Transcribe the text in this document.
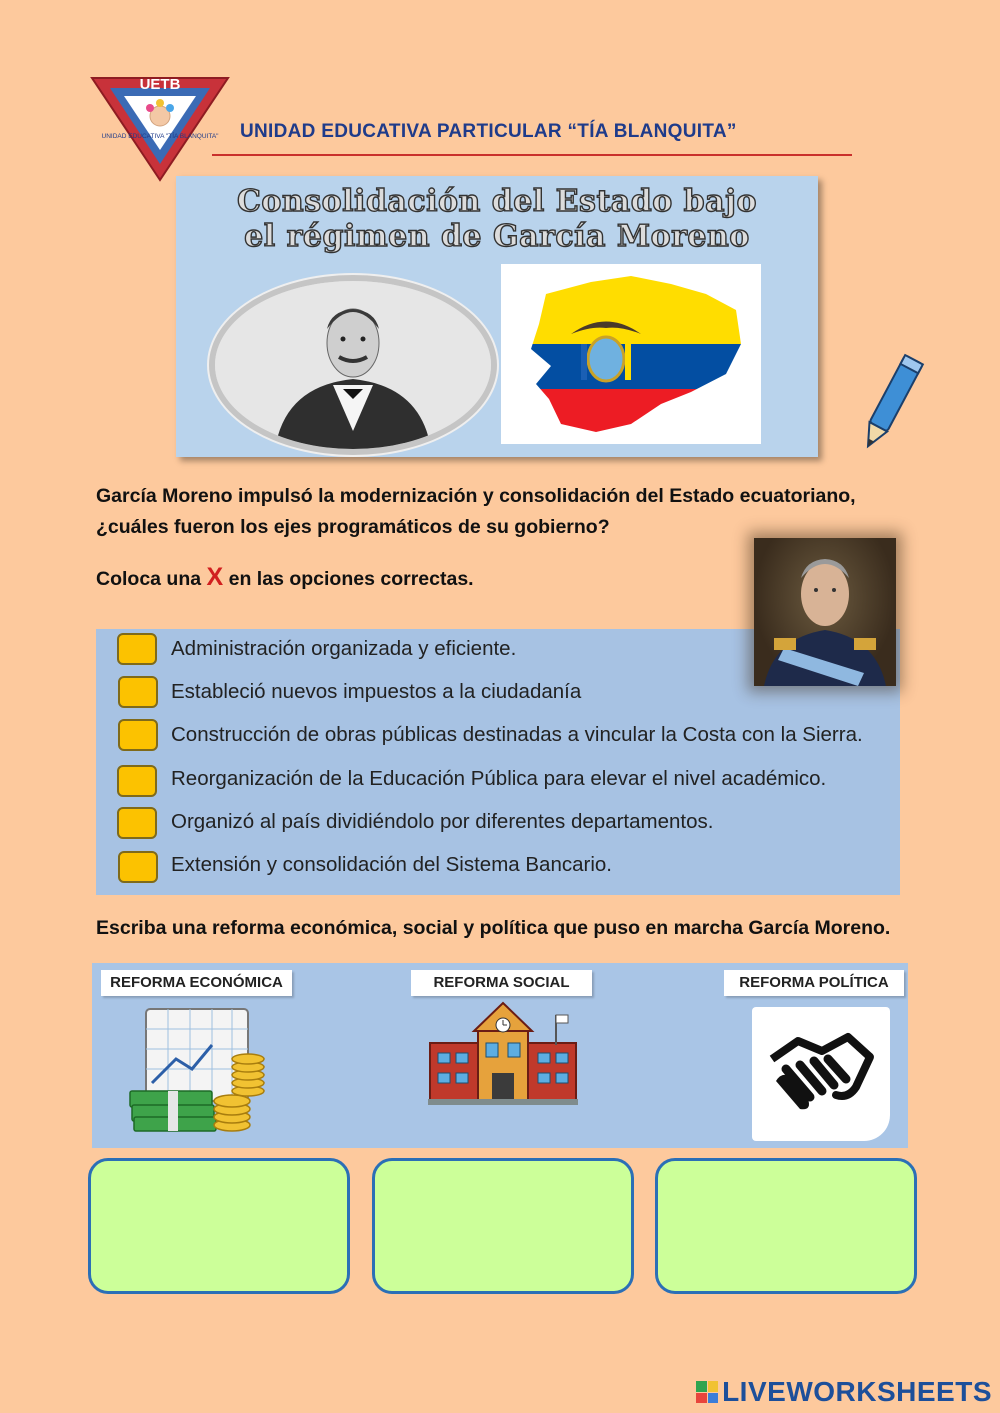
UETB
UNIDAD EDUCATIVA "TÍA BLANQUITA" UNIDAD EDUCATIVA PARTICULAR “TÍA BLANQUITA”
Consolidación del Estado bajo
el régimen de García Moreno
García Moreno impulsó la modernización y consolidación del Estado ecuatoriano,
¿cuáles fueron los ejes programáticos de su gobierno?
Coloca una X en las opciones correctas.
Administración organizada y eficiente.
Estableció nuevos impuestos a la ciudadanía
Construcción de obras públicas destinadas a vincular la Costa con la Sierra.
Reorganización de la Educación Pública para elevar el nivel académico.
Organizó al país dividiéndolo por diferentes departamentos.
Extensión y consolidación del Sistema Bancario.
Escriba una reforma económica, social y política que puso en marcha García Moreno.
REFORMA ECONÓMICA	REFORMA SOCIAL	REFORMA POLÍTICA
LIVEWORKSHEETS
